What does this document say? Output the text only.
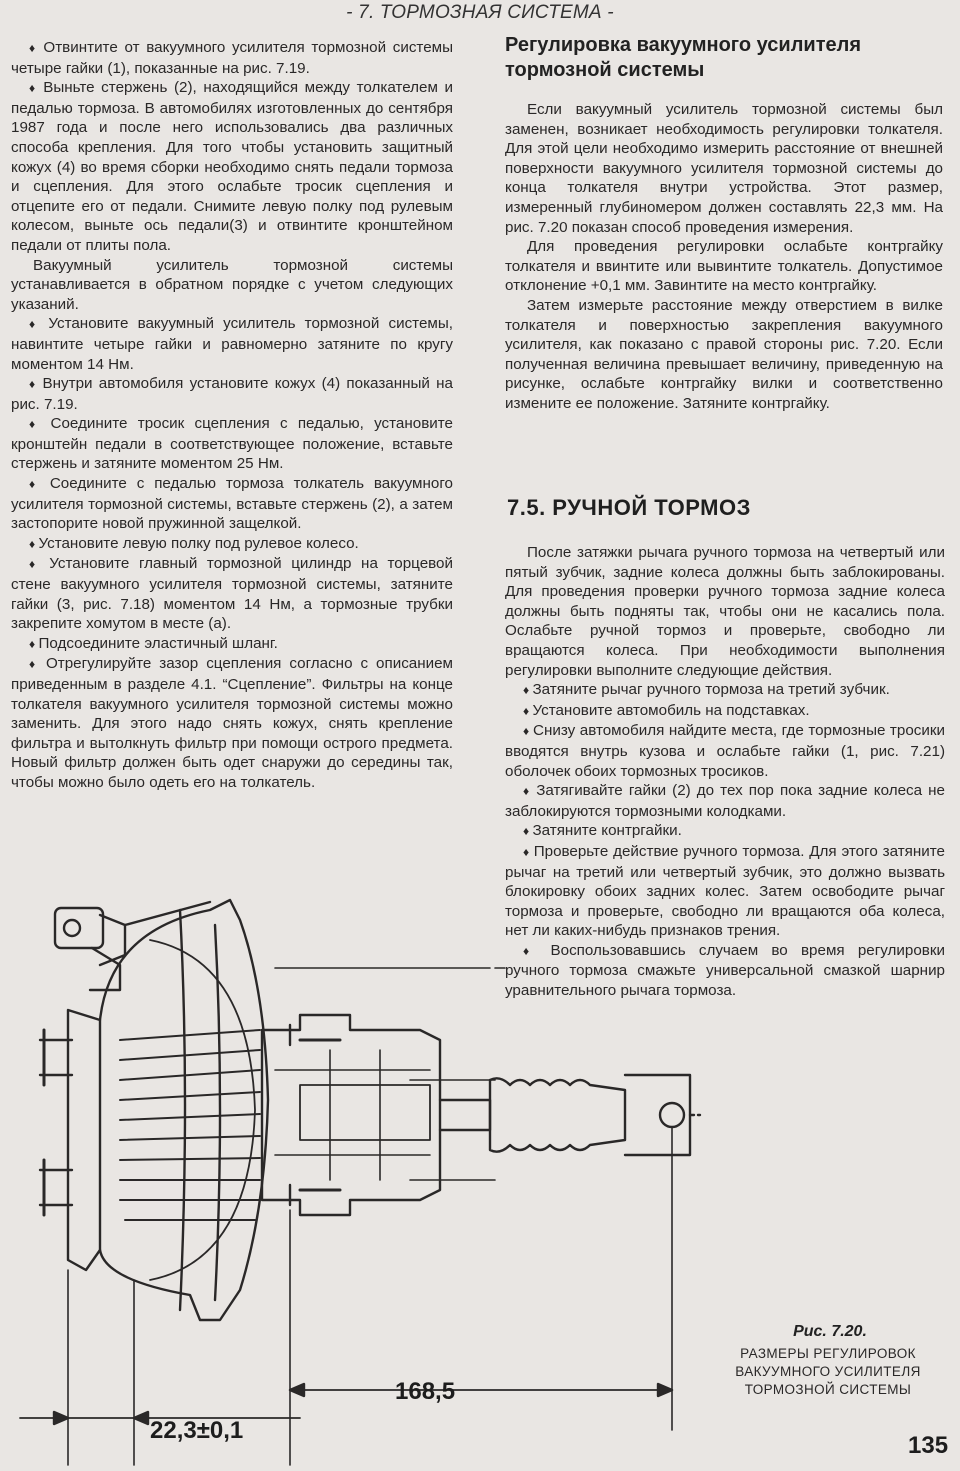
- 7. ТОРМОЗНАЯ СИСТЕМА -

♦ Отвинтите от вакуумного усилителя тормозной системы четыре гайки (1), показанные на рис. 7.19.

♦ Выньте стержень (2), находящийся между толкателем и педалью тормоза. В автомобилях изготовленных до сентября 1987 года и после него использовались два различных способа крепления. Для того чтобы установить защитный кожух (4) во время сборки необходимо снять педали тормоза и сцепления. Для этого ослабьте тросик сцепления и отцепите его от педали. Снимите левую полку под рулевым колесом, выньте ось педали(3) и отвинтите кронштейном педали от плиты пола.

Вакуумный усилитель тормозной системы устанавливается в обратном порядке с учетом следующих указаний.

♦ Установите вакуумный усилитель тормозной системы, навинтите четыре гайки и равномерно затяните по кругу моментом 14 Нм.

♦ Внутри автомобиля установите кожух (4) показанный на рис. 7.19.

♦ Соедините тросик сцепления с педалью, установите кронштейн педали в соответствующее положение, вставьте стержень и затяните моментом 25 Нм.

♦ Соедините с педалью тормоза толкатель вакуумного усилителя тормозной системы, вставьте стержень (2), а затем застопорите новой пружинной защелкой.

♦ Установите левую полку под рулевое колесо.

♦ Установите главный тормозной цилиндр на торцевой стене вакуумного усилителя тормозной системы, затяните гайки (3, рис. 7.18) моментом 14 Нм, а тормозные трубки закрепите хомутом в месте (а).

♦ Подсоедините эластичный шланг.

♦ Отрегулируйте зазор сцепления согласно с описанием приведенным в разделе 4.1. “Сцепление”. Фильтры на конце толкателя вакуумного усилителя тормозной системы можно заменить. Для этого надо снять кожух, снять крепление фильтра и вытолкнуть фильтр при помощи острого предмета. Новый фильтр должен быть одет снаружи до середины так, чтобы можно было одеть его на толкатель.

Регулировка вакуумного усилителя тормозной системы

Если вакуумный усилитель тормозной системы был заменен, возникает необходимость регулировки толкателя. Для этой цели необходимо измерить расстояние от внешней поверхности вакуумного усилителя тормозной системы до конца толкателя внутри устройства. Этот размер, измеренный глубиномером должен составлять 22,3 мм. На рис. 7.20 показан способ проведения измерения.

Для проведения регулировки ослабьте контргайку толкателя и ввинтите или вывинтите толкатель. Допустимое отклонение +0,1 мм. Завинтите на место контргайку.

Затем измерьте расстояние между отверстием в вилке толкателя и поверхностью закрепления вакуумного усилителя, как показано с правой стороны рис. 7.20. Если полученная величина превышает величину, приведенную на рисунке, ослабьте контргайку вилки и соответственно измените ее положение. Затяните контргайку.

7.5. РУЧНОЙ ТОРМОЗ

После затяжки рычага ручного тормоза на четвертый или пятый зубчик, задние колеса должны быть заблокированы. Для проведения проверки ручного тормоза задние колеса должны быть подняты так, чтобы они не касались пола. Ослабьте ручной тормоз и проверьте, свободно ли вращаются колеса. При необходимости выполнения регулировки выполните следующие действия.

♦ Затяните рычаг ручного тормоза на третий зубчик.

♦ Установите автомобиль на подставках.

♦ Снизу автомобиля найдите места, где тормозные тросики вводятся внутрь кузова и ослабьте гайки (1, рис. 7.21) оболочек обоих тормозных тросиков.

♦ Затягивайте гайки (2) до тех пор пока задние колеса не заблокируются тормозными колодками.

♦ Затяните контргайки.

♦ Проверьте действие ручного тормоза. Для этого затяните рычаг на третий или четвертый зубчик, это должно вызвать блокировку обоих задних колес. Затем освободите рычаг тормоза и проверьте, свободно ли вращаются оба колеса, нет ли каких-нибудь признаков трения.

♦ Воспользовавшись случаем во время регулировки ручного тормоза смажьте универсальной смазкой шарнир уравнительного рычага тормоза.

168,5
22,3±0,1
Рис. 7.20.
РАЗМЕРЫ РЕГУЛИРОВОК ВАКУУМНОГО УСИЛИТЕЛЯ ТОРМОЗНОЙ СИСТЕМЫ
135
